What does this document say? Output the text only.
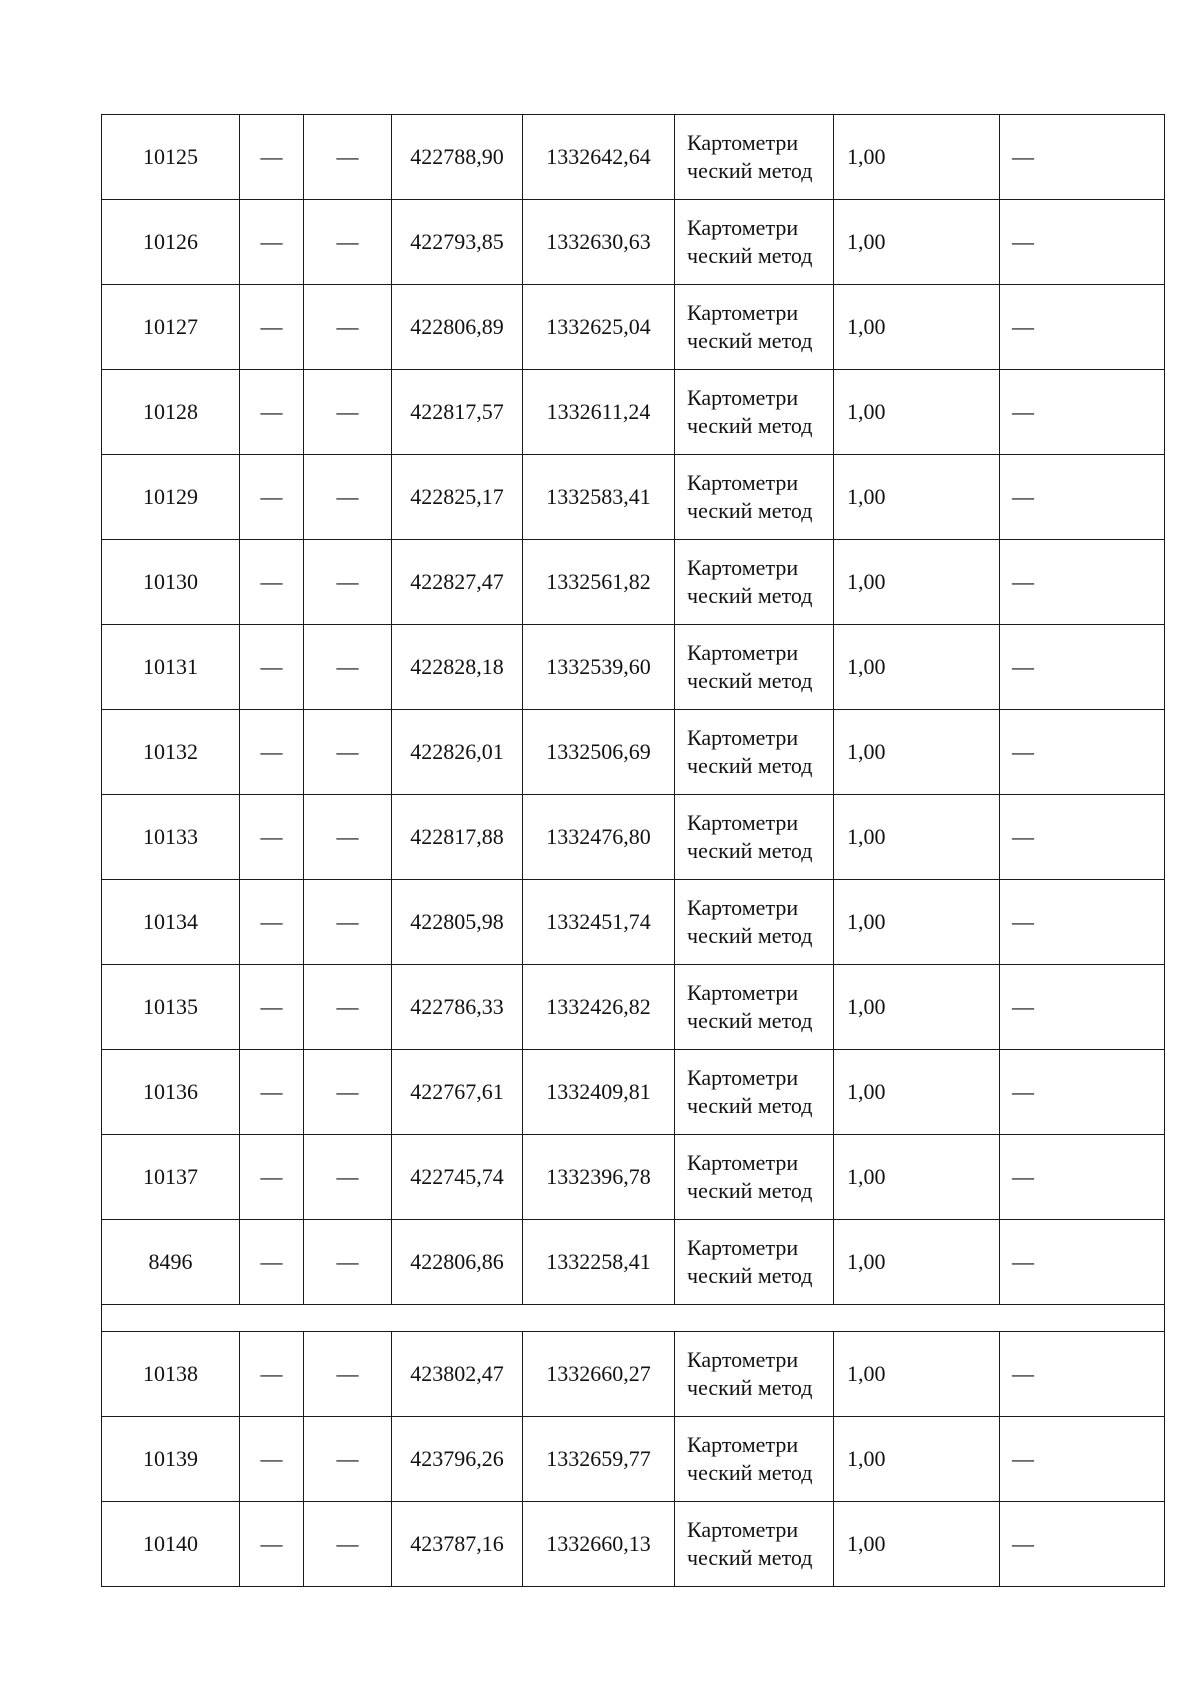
10125	—	—	422788,90	1332642,64	Картометри ческий метод	1,00	—
10126	—	—	422793,85	1332630,63	Картометри ческий метод	1,00	—
10127	—	—	422806,89	1332625,04	Картометри ческий метод	1,00	—
10128	—	—	422817,57	1332611,24	Картометри ческий метод	1,00	—
10129	—	—	422825,17	1332583,41	Картометри ческий метод	1,00	—
10130	—	—	422827,47	1332561,82	Картометри ческий метод	1,00	—
10131	—	—	422828,18	1332539,60	Картометри ческий метод	1,00	—
10132	—	—	422826,01	1332506,69	Картометри ческий метод	1,00	—
10133	—	—	422817,88	1332476,80	Картометри ческий метод	1,00	—
10134	—	—	422805,98	1332451,74	Картометри ческий метод	1,00	—
10135	—	—	422786,33	1332426,82	Картометри ческий метод	1,00	—
10136	—	—	422767,61	1332409,81	Картометри ческий метод	1,00	—
10137	—	—	422745,74	1332396,78	Картометри ческий метод	1,00	—
8496	—	—	422806,86	1332258,41	Картометри ческий метод	1,00	—

10138	—	—	423802,47	1332660,27	Картометри ческий метод	1,00	—
10139	—	—	423796,26	1332659,77	Картометри ческий метод	1,00	—
10140	—	—	423787,16	1332660,13	Картометри ческий метод	1,00	—
